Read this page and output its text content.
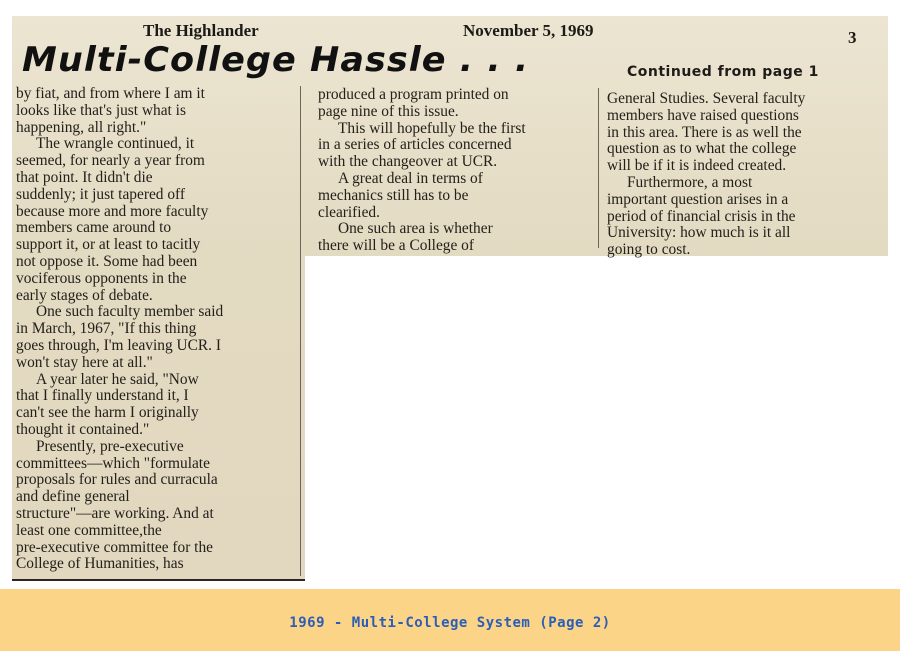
The Highlander	November 5, 1969	3
Multi-College Hassle . . .	Continued from page 1

by fiat, and from where I am it
looks like that's just what is
happening, all right."

The wrangle continued, it
seemed, for nearly a year from
that point. It didn't die
suddenly; it just tapered off
because more and more faculty
members came around to
support it, or at least to tacitly
not oppose it. Some had been
vociferous opponents in the
early stages of debate.

One such faculty member said
in March, 1967, "If this thing
goes through, I'm leaving UCR. I
won't stay here at all."

A year later he said, "Now
that I finally understand it, I
can't see the harm I originally
thought it contained."

Presently, pre-executive
committees—which "formulate
proposals for rules and curracula
and define general
structure"—are working. And at
least one committee,the
pre-executive committee for the
College of Humanities, has

produced a program printed on
page nine of this issue.

This will hopefully be the first
in a series of articles concerned
with the changeover at UCR.

A great deal in terms of
mechanics still has to be
clearified.

One such area is whether
there will be a College of

General Studies. Several faculty
members have raised questions
in this area. There is as well the
question as to what the college
will be if it is indeed created.

Furthermore, a most
important question arises in a
period of financial crisis in the
University: how much is it all
going to cost.

1969 - Multi-College System (Page 2)
